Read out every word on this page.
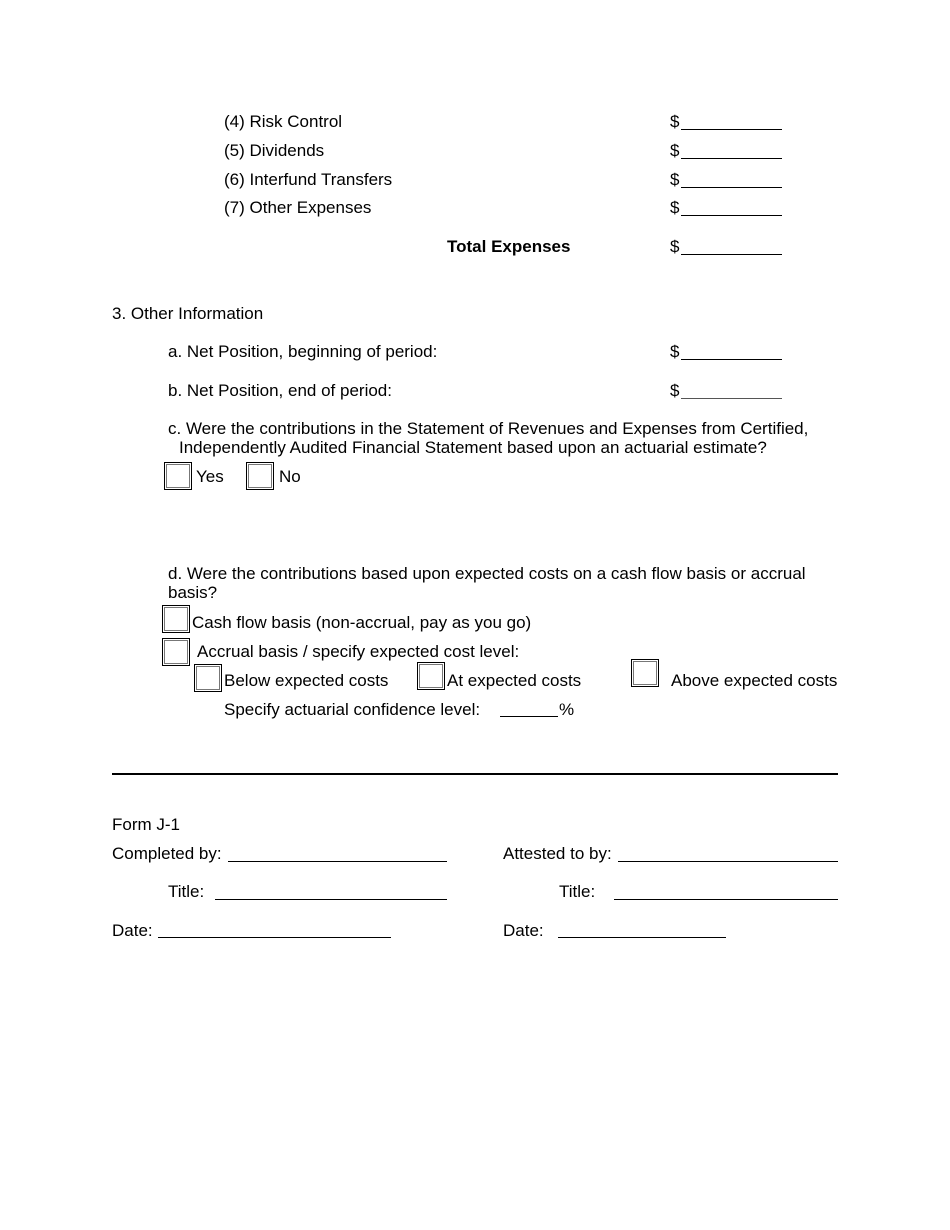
(4) Risk Control	$
(5) Dividends	$
(6) Interfund Transfers	$
(7) Other Expenses	$
Total Expenses	$
3. Other Information
a. Net Position, beginning of period:	$
b. Net Position, end of period:	$
c. Were the contributions in the Statement of Revenues and Expenses from Certified,
Independently Audited Financial Statement based upon an actuarial estimate?
Yes	No
d. Were the contributions based upon expected costs on a cash flow basis or accrual
basis?
Cash flow basis (non-accrual, pay as you go)
Accrual basis / specify expected cost level:
Below expected costs	At expected costs	Above expected costs
Specify actuarial confidence level:	%
Form J-1
Completed by:	Attested to by:
Title:	Title:
Date:	Date:
